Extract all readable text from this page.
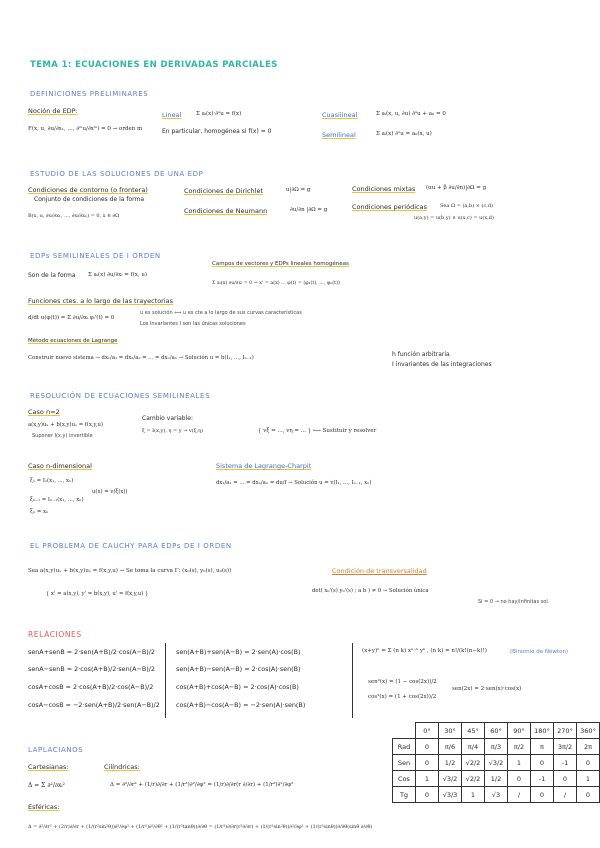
TEMA 1: ECUACIONES EN DERIVADAS PARCIALES
DEFINICIONES PRELIMINARES
Noción de EDP:
F(x, u, ∂u/∂x₁, ..., ∂ᵐu/∂xᵐ) = 0 → orden m
Lineal	Σ aᵢ(x)·∂ᵅu = f(x)
En particular, homogénea si f(x) = 0
Cuasilineal	Σ aᵢ(x, u, ∂u) ∂ᵅu + a₀ = 0
Semilineal	Σ aᵢ(x) ∂ᵅu = a₀(x, u)
ESTUDIO DE LAS SOLUCIONES DE UNA EDP
Condiciones de contorno (o frontera)
Conjunto de condiciones de la forma
B(x, u, ∂u/∂x₁, ..., ∂u/∂xₙ) = 0, x ∈ ∂Ω
Condiciones de Dirichlet	u|∂Ω = g
Condiciones de Neumann	∂u/∂n |∂Ω = g
Condiciones mixtas (αu + β ∂u/∂n)|∂Ω = g
Condiciones periódicas	Sea Ω = (a,b) × (c,d)
u(a,y) = u(b,y) ∧ u(x,c) = u(x,d)
EDPs SEMILINEALES DE I ORDEN
Son de la forma Σ aᵢ(x) ∂u/∂xᵢ = f(x, u)
Campos de vectores y EDPs lineales homogéneas
Σ aᵢ(x) ∂u/∂xᵢ = 0 → x' = a(x) ... φ(t) = (φ₁(t), ..., φₙ(t))
Funciones ctes. a lo largo de las trayectorias
d/dt u(φ(t)) = Σ ∂u/∂xᵢ φᵢ'(t) = 0
u es solución ⟺ u es cte a lo largo de sus curvas características
Los invariantes I son las únicas soluciones
Método ecuaciones de Lagrange
Construir nuevo sistema → dx₁/a₁ = dx₂/a₂ = ... = dxₙ/aₙ → Solución u = h(I₁, ..., Iₙ₋₁)	h función arbitraria
I invariantes de las integraciones
RESOLUCIÓN DE ECUACIONES SEMILINEALES
Caso n=2
a(x,y)uₓ + b(x,y)uᵧ = f(x,y,u)
Suponer I(x,y) invertible
Cambio variable:
ξ = I(x,y), η = y → v(ξ,η)	{ vξ = ..., vη = ... } ⟷ Sustituir y resolver
Caso n-dimensional
ξ₁ = I₁(x₁, ..., xₙ)
ξₙ₋₁ = Iₙ₋₁(x₁, ..., xₙ)
ξₙ = xₙ
u(x) = v(ξ(x))
Sistema de Lagrange-Charpit
dx₁/a₁ = ... = dxₙ/aₙ = du/f → Solución u = v(I₁, ..., Iₙ₋₁, xₙ)
EL PROBLEMA DE CAUCHY PARA EDPs DE I ORDEN
Sea a(x,y)uₓ + b(x,y)uᵧ = f(x,y,u) → Se toma la curva Γ: (x₀(s), y₀(s), u₀(s))	Condición de transversalidad
det( x₀'(s) y₀'(s) ; a b ) ≠ 0 → Solución única
Si = 0 → no hay/infinitas sol.
{ x' = a(x,y), y' = b(x,y), u' = f(x,y,u) }
RELACIONES
senA+senB = 2·sen(A+B)/2·cos(A−B)/2
senA−senB = 2·cos(A+B)/2·sen(A−B)/2
cosA+cosB = 2·cos(A+B)/2·cos(A−B)/2
cosA−cosB = −2·sen(A+B)/2·sen(A−B)/2
sen(A+B)+sen(A−B) = 2·sen(A)·cos(B)
sen(A+B)−sen(A−B) = 2·cos(A)·sen(B)
cos(A+B)+cos(A−B) = 2·cos(A)·cos(B)
cos(A+B)−cos(A−B) = −2·sen(A)·sen(B)
(x+y)ⁿ = Σ (n k) xⁿ⁻ᵏ yᵏ , (n k) = n!/(k!(n−k)!)	(Binomio de Newton)
sen²(x) = (1 − cos(2x))/2
cos²(x) = (1 + cos(2x))/2
sen(2x) = 2·sen(x)·cos(x)
	0°	30°	45°	60°	90°	180°	270°	360°
Rad	0	π/6	π/4	π/3	π/2	π	3π/2	2π
Sen	0	1/2	√2/2	√3/2	1	0	-1	0
Cos	1	√3/2	√2/2	1/2	0	-1	0	1
Tg	0	√3/3	1	√3	/	0	/	0
LAPLACIANOS
Cartesianas:
Δ = Σ ∂²/∂xᵢ²
Cilíndricas:
Δ = ∂²/∂r² + (1/r)∂/∂r + (1/r²)∂²/∂φ² = (1/r)∂/∂r(r ∂/∂r) + (1/r²)∂²/∂φ²
Esféricas:
Δ = ∂²/∂r² + (2/r)∂/∂r + (1/(r²sin²θ))∂²/∂φ² + (1/r²)∂²/∂θ² + (1/(r²tanθ))∂/∂θ = (1/r²)∂/∂r(r²∂/∂r) + (1/(r²sin²θ))∂²/∂φ² + (1/(r²sinθ))∂/∂θ(sinθ ∂/∂θ)
